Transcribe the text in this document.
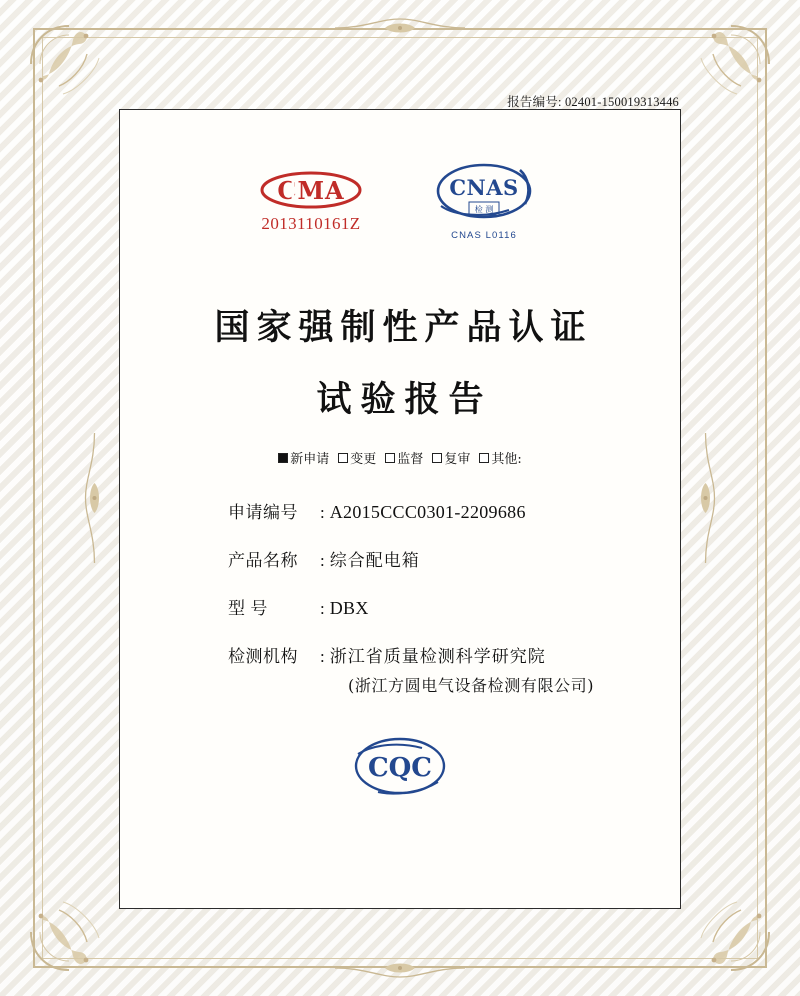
报告编号: 02401-150019313446
CMA
2013110161Z
CNAS
检 测
CNAS L0116
国家强制性产品认证
试验报告
新申请 变更 监督 复审 其他:
申请编号	: A2015CCC0301-2209686
产品名称	: 综合配电箱
型 号	: DBX
检测机构	: 浙江省质量检测科学研究院
(浙江方圆电气设备检测有限公司)
CQC
